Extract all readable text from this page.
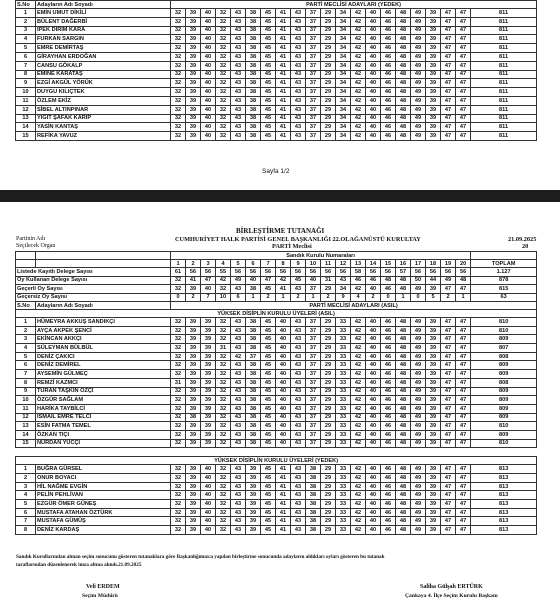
S.No	Adayların Adı Soyadı	PARTİ MECLİSİ ADAYLARI (YEDEK)																				
1	EMİN UMUT DİKİLİ	32	39	40	32	43	38	45	41	43	37	29	34	42	40	46	48	49	39	47	47	811
2	BÜLENT DAĞERBİ	32	39	40	32	43	38	45	41	43	37	29	34	42	40	46	48	49	39	47	47	811
3	İPEK DİRİM KARA	32	39	40	32	43	38	45	41	43	37	29	34	42	40	46	48	49	39	47	47	811
4	FURKAN SARGIN	32	39	40	32	43	38	45	41	43	37	29	34	42	40	46	48	49	39	47	47	811
5	EMRE DEMİRTAŞ	32	39	40	32	43	38	45	41	43	37	29	34	42	40	46	48	49	39	47	47	811
6	GİRAYHAN ERDOĞAN	32	39	40	32	43	38	45	41	43	37	29	34	42	40	46	48	49	39	47	47	811
7	CANSU GÖKALP	32	39	40	32	43	38	45	41	43	37	29	34	42	40	46	48	49	39	47	47	811
8	EMİNE KARATAŞ	32	39	40	32	43	38	45	41	43	37	29	34	42	40	46	48	49	39	47	47	811
9	EZGİ AKGÜL YÖRÜK	32	39	40	32	43	38	45	41	43	37	29	34	42	40	46	48	49	39	47	47	811
10	DUYGU KILIÇTEK	32	39	40	32	43	38	45	41	43	37	29	34	42	40	46	48	49	39	47	47	811
11	ÖZLEM EKİZ	32	39	40	32	43	38	45	41	43	37	29	34	42	40	46	48	49	39	47	47	811
12	SİBEL ALTINPINAR	32	39	40	32	43	38	45	41	43	37	29	34	42	40	46	48	49	39	47	47	811
13	YİĞİT ŞAFAK KARİP	32	39	40	32	43	38	45	41	43	37	29	34	42	40	46	48	49	39	47	47	811
14	YASİN KANTAŞ	32	39	40	32	43	38	45	41	43	37	29	34	42	40	46	48	49	39	47	47	811
15	REFİKA YAVUZ	32	39	40	32	43	38	45	41	43	37	29	34	42	40	46	48	49	39	47	47	811
Sayfa 1/2
BİRLEŞTİRME TUTANAĞI
Partinin Adı
Seçilecek Organ
CUMHURİYET HALK PARTİSİ GENEL BAŞKANLIĞI 22.OLAĞANÜSTÜ KURULTAY
PARTİ Meclisi
21.09.2025
20
		Sandık Kurulu Numaraları																				
		1	2	3	4	5	6	7	8	9	10	11	12	13	14	15	16	17	18	19	20	TOPLAM
Listede Kayıtlı Delege Sayısı		61	56	56	55	56	56	56	56	56	56	56	56	58	56	56	57	56	56	56	56	1.127
Oy Kullanan Delege Sayısı		32	41	47	42	49	40	47	42	45	40	31	43	46	46	48	48	50	44	49	48	878
Geçerli Oy Sayısı		32	39	40	32	43	38	45	41	43	37	29	34	42	40	46	48	49	39	47	47	815
Geçersiz Oy Sayısı		0	2	7	10	6	1	2	1	2	1	2	9	4	2	0	1	0	5	2	1	63
S.No	Adayların Adı Soyadı	PARTİ MECLİSİ ADAYLARI (ASIL)																				
YÜKSEK DİSİPLİN KURULU ÜYELERİ (ASIL)																						
1	HÜMEYRA AKKUŞ SANDIKÇI	32	39	39	32	43	38	45	40	43	37	29	33	42	40	46	48	49	39	47	47	810
2	AYÇA AKPEK ŞENCİ	32	39	39	32	43	38	45	40	43	37	29	33	42	40	46	48	49	39	47	47	810
3	EKİNCAN AKKÇI	32	39	39	32	43	38	45	40	43	37	29	33	42	40	46	48	49	39	47	47	809
4	SÜLEYMAN BÜLBÜL	32	39	39	31	43	38	45	40	43	37	29	33	42	40	46	48	49	39	47	47	807
5	DENİZ ÇAKICI	32	39	39	32	42	37	45	40	43	37	29	33	42	40	46	48	49	39	47	47	808
6	DENİZ DEMİREL	32	39	39	32	43	38	45	40	43	37	29	33	42	40	46	48	49	39	47	47	809
7	AYSEMİN GÜLMEÇ	32	39	39	32	43	38	45	40	43	37	29	33	42	40	46	48	49	39	47	47	809
8	REMZİ KAZMCI	31	39	39	32	43	38	45	40	43	37	29	33	42	40	46	48	49	39	47	47	808
9	TURAN TAŞKIN ÖZÇİ	32	39	39	32	43	38	45	40	43	37	29	33	42	40	46	48	49	39	47	47	809
10	ÖZGÜR SAĞLAM	32	39	39	32	43	38	45	40	43	37	29	33	42	40	46	48	49	39	47	47	809
11	HARİKA TAYBİLCİ	32	39	39	32	43	38	45	40	43	37	29	33	42	40	46	48	49	39	47	47	809
12	İSMAİL EMRE TELCİ	32	38	39	32	43	38	45	40	43	37	29	33	42	40	46	48	49	39	47	47	809
13	ESİN FATMA TEMEL	32	39	39	32	43	38	45	40	43	37	29	33	42	40	46	48	49	39	47	47	810
14	ÖZKAN TIÇI	32	39	39	32	43	38	45	40	43	37	29	33	42	40	46	48	49	39	47	47	809
15	NURDAN YÜCÇİ	32	39	39	32	43	38	45	40	43	37	29	33	42	40	46	48	49	39	47	47	810

YÜKSEK DİSİPLİN KURULU ÜYELERİ (YEDEK)																						
1	BUĞRA GÜRSEL	32	39	40	32	43	39	45	41	43	38	29	33	42	40	46	48	49	39	47	47	813
2	ONUR BOYACI	32	39	40	32	43	39	45	41	43	38	29	33	42	40	46	48	49	39	47	47	813
3	HİL NAĞME EVGİN	32	39	40	32	43	39	45	41	43	38	29	33	42	40	46	48	49	39	47	47	813
4	PELİN PEHLİVAN	32	39	40	32	43	39	45	41	43	38	29	33	42	40	46	48	49	39	47	47	813
5	EZGÜR ÖMER GÜNEŞ	32	39	40	32	43	39	45	41	43	38	29	33	42	40	46	48	49	39	47	47	813
6	MUSTAFA ATAHAN ÖZTÜRK	32	39	40	32	43	39	45	41	43	38	29	33	42	40	46	48	49	39	47	47	813
7	MUSTAFA GÜMÜŞ	32	39	40	32	43	39	45	41	43	38	29	33	42	40	46	48	49	39	47	47	813
8	DENİZ KARDAŞ	32	39	40	32	43	39	45	41	43	38	29	33	42	40	46	48	49	39	47	47	813
Sandık Kurullarından alınan seçim sonucunu gösteren tutanaklara göre Başkanlığımızca yapılan birleştirme sonucunda adayların aldıkları oyları gösteren bu tutanak
taraflarından düzenlenerek imza altına alındı.21.09.2025
Veli ERDEM
Seçim Müdürü
Saliha Gülşah ERTÜRK
Çankaya 4. İlçe Seçim Kurulu Başkanı
